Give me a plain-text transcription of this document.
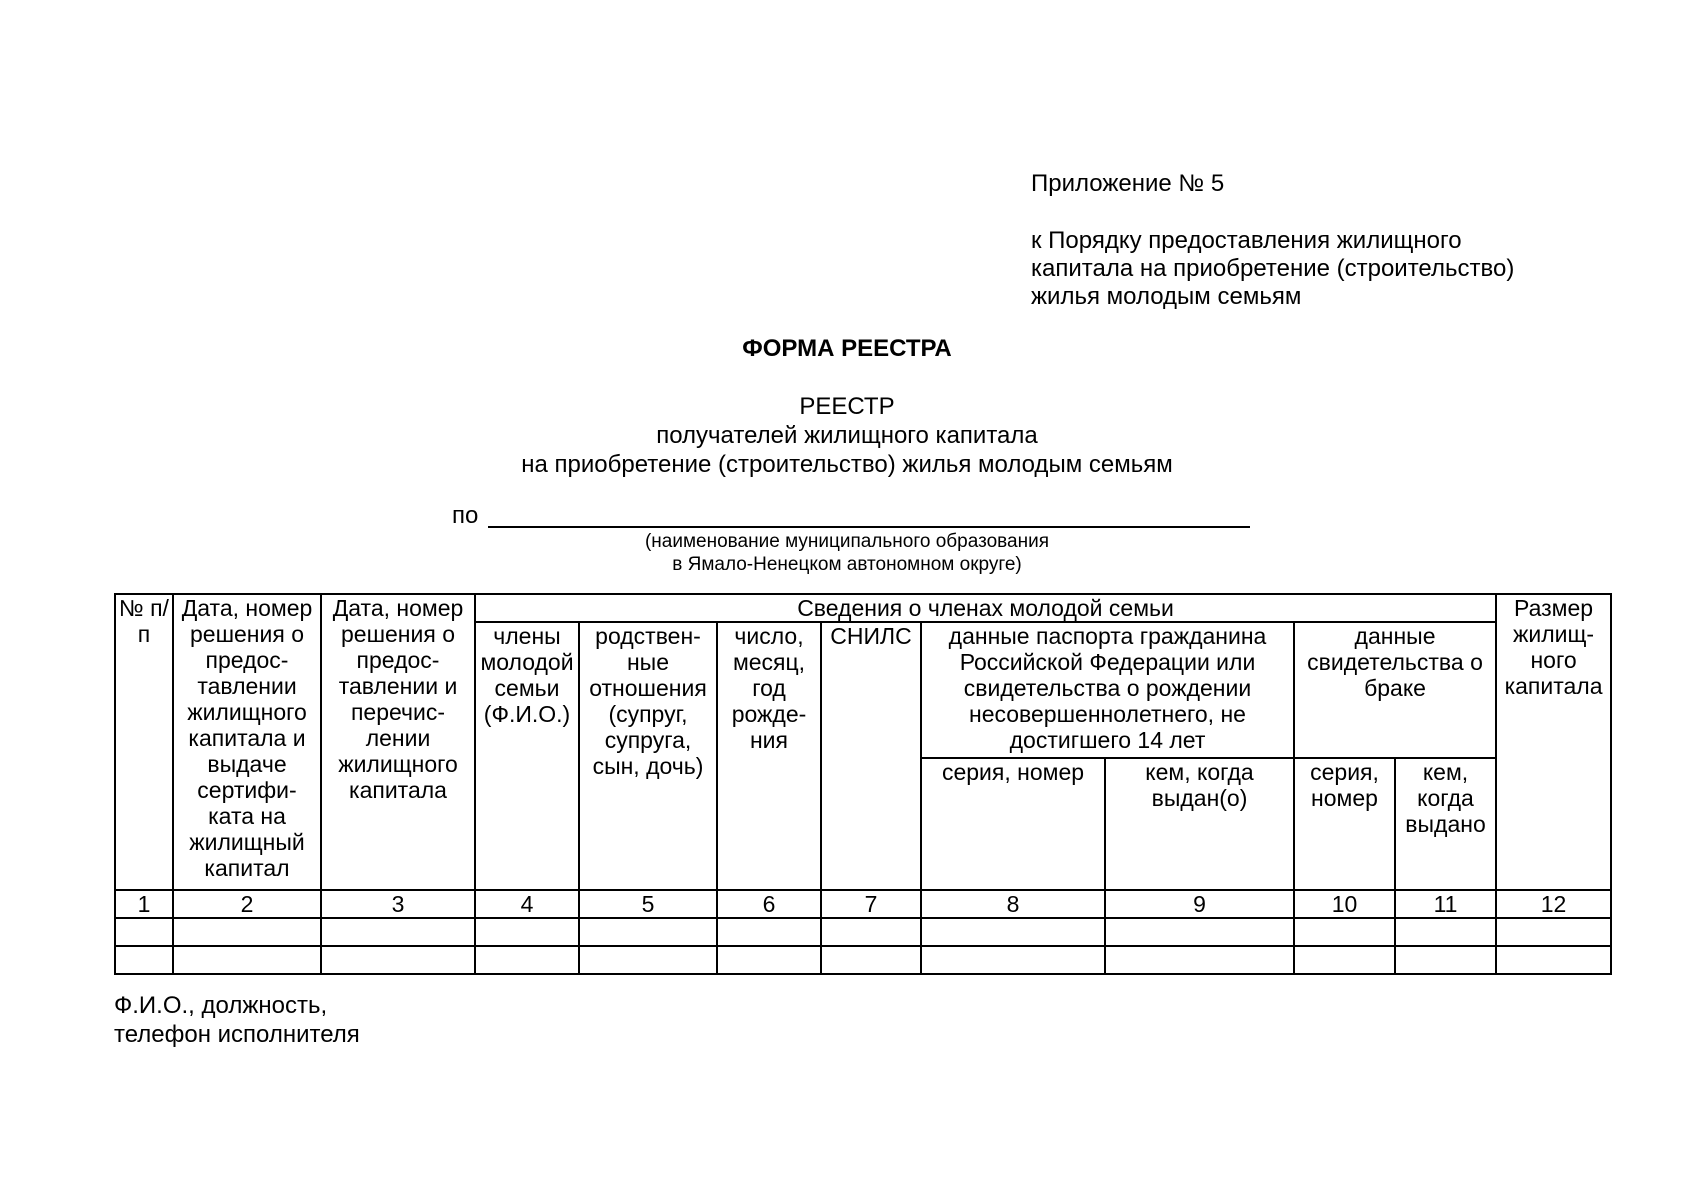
Приложение № 5
к Порядку предоставления жилищного
капитала на приобретение (строительство)
жилья молодым семьям
ФОРМА РЕЕСТРА
РЕЕСТР
получателей жилищного капитала
на приобретение (строительство) жилья молодым семьям
по
(наименование муниципального образования
в Ямало-Ненецком автономном округе)
№ п/п	Дата, номер решения о предос-тавлении жилищного капитала и выдаче сертифи-ката на жилищный капитал	Дата, номер решения о предос-тавлении и перечис-лении жилищного капитала	Сведения о членах молодой семьи								Размер жилищ-ного капитала
			члены молодой семьи (Ф.И.О.)	родствен-ные отношения (супруг, супруга, сын, дочь)	число, месяц, год рожде-ния	СНИЛС	данные паспорта гражданина Российской Федерации или свидетельства о рождении несовершеннолетнего, не достигшего 14 лет		данные свидетельства о браке		
							серия, номер	кем, когда выдан(о)	серия, номер	кем, когда выдано	
1	2	3	4	5	6	7	8	9	10	11	12

Ф.И.О., должность,
телефон исполнителя
